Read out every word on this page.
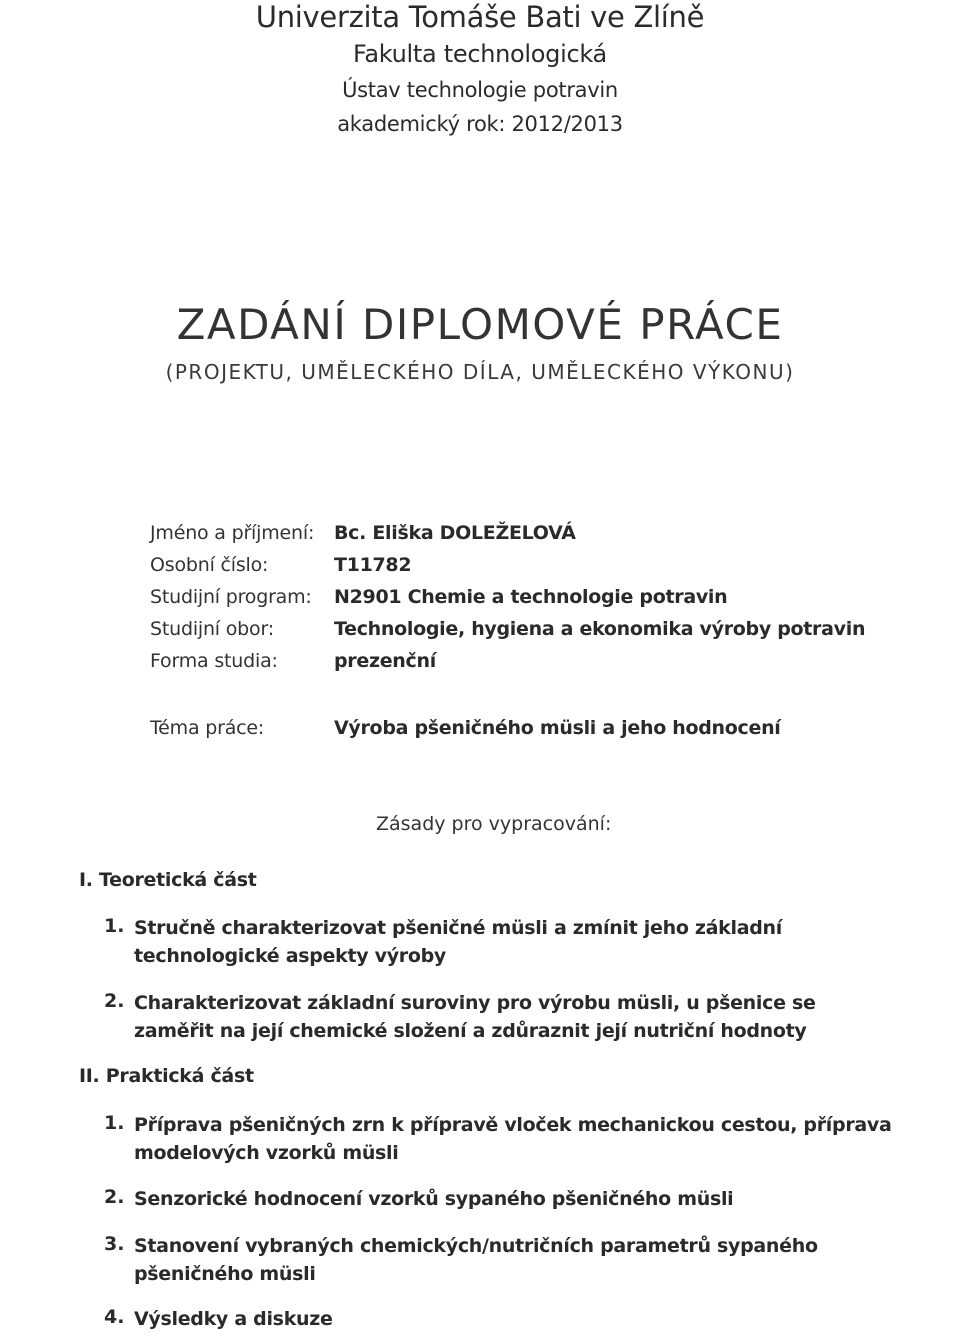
Univerzita Tomáše Bati ve Zlíně
Fakulta technologická
Ústav technologie potravin
akademický rok: 2012/2013
ZADÁNÍ DIPLOMOVÉ PRÁCE
(PROJEKTU, UMĚLECKÉHO DÍLA, UMĚLECKÉHO VÝKONU)
Jméno a příjmení: Bc. Eliška DOLEŽELOVÁ
Osobní číslo:	T11782
Studijní program: N2901 Chemie a technologie potravin
Studijní obor:	Technologie, hygiena a ekonomika výroby potravin
Forma studia:	prezenční
Téma práce:	Výroba pšeničného müsli a jeho hodnocení
Zásady pro vypracování:
I. Teoretická část
1. Stručně charakterizovat pšeničné müsli a zmínit jeho základní technologické aspekty výroby
2. Charakterizovat základní suroviny pro výrobu müsli, u pšenice se zaměřit na její chemické složení a zdůraznit její nutriční hodnoty
II. Praktická část
1. Příprava pšeničných zrn k přípravě vloček mechanickou cestou, příprava modelových vzorků müsli
2. Senzorické hodnocení vzorků sypaného pšeničného müsli
3. Stanovení vybraných chemických/nutričních parametrů sypaného pšeničného müsli
4. Výsledky a diskuze
